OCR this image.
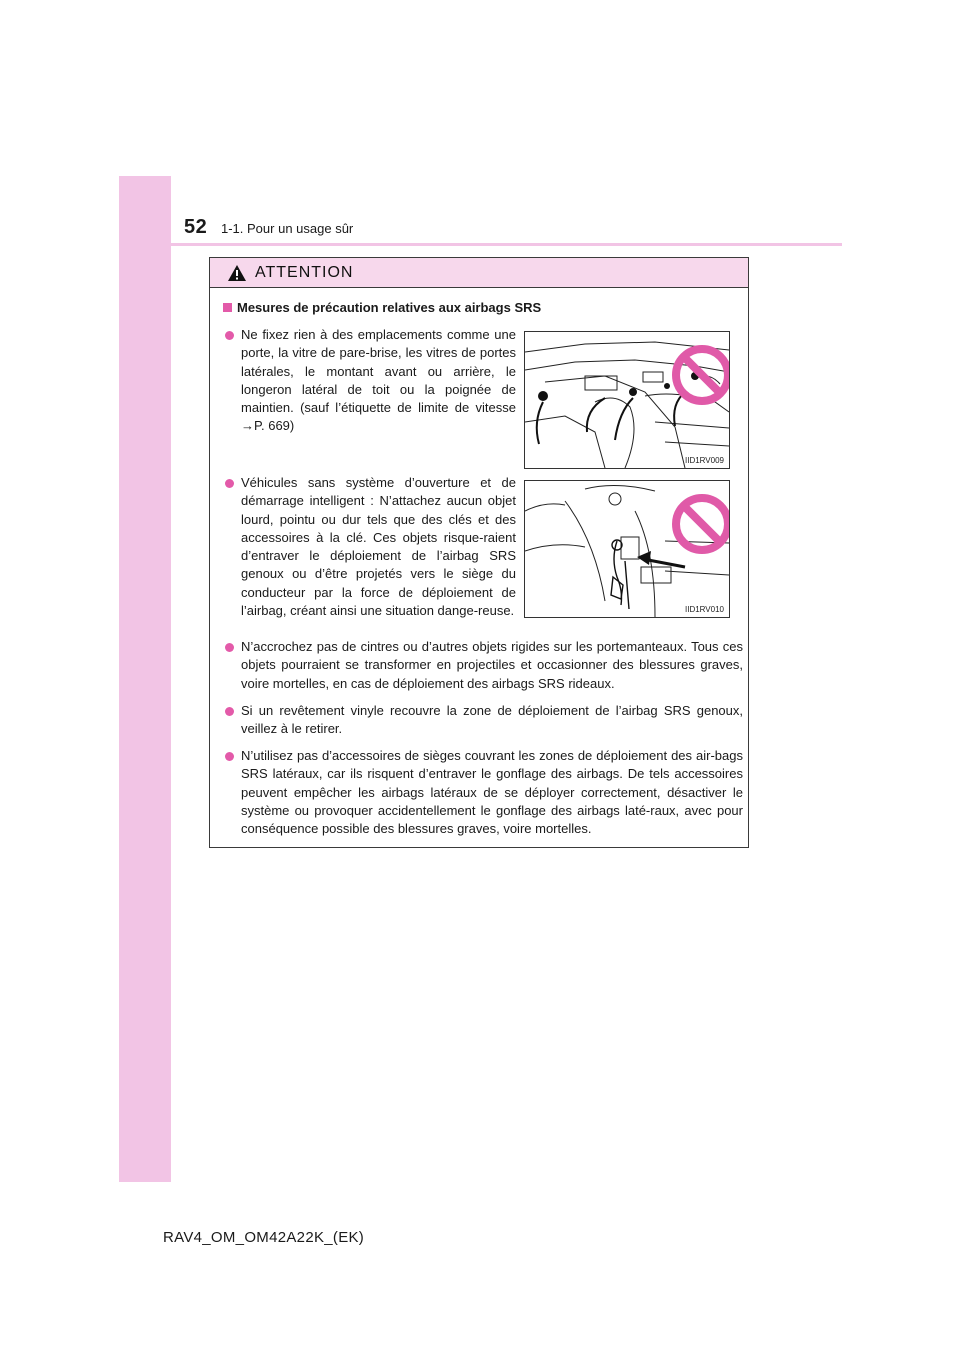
52 1-1. Pour un usage sûr
ATTENTION
Mesures de précaution relatives aux airbags SRS
Ne fixez rien à des emplacements comme une porte, la vitre de pare-brise, les vitres de portes latérales, le montant avant ou arrière, le longeron latéral de toit ou la poignée de maintien. (sauf l’étiquette de limite de vitesse →P. 669)
IID1RV009
Véhicules sans système d’ouverture et de démarrage intelligent : N’attachez aucun objet lourd, pointu ou dur tels que des clés et des accessoires à la clé. Ces objets risque-raient d’entraver le déploiement de l’airbag SRS genoux ou d’être projetés vers le siège du conducteur par la force de déploiement de l’airbag, créant ainsi une situation dange-reuse.	IID1RV010
N’accrochez pas de cintres ou d’autres objets rigides sur les portemanteaux. Tous ces objets pourraient se transformer en projectiles et occasionner des blessures graves, voire mortelles, en cas de déploiement des airbags SRS rideaux.
Si un revêtement vinyle recouvre la zone de déploiement de l’airbag SRS genoux, veillez à le retirer.
N’utilisez pas d’accessoires de sièges couvrant les zones de déploiement des air-bags SRS latéraux, car ils risquent d’entraver le gonflage des airbags. De tels accessoires peuvent empêcher les airbags latéraux de se déployer correctement, désactiver le système ou provoquer accidentellement le gonflage des airbags laté-raux, avec pour conséquence possible des blessures graves, voire mortelles.
RAV4_OM_OM42A22K_(EK)
